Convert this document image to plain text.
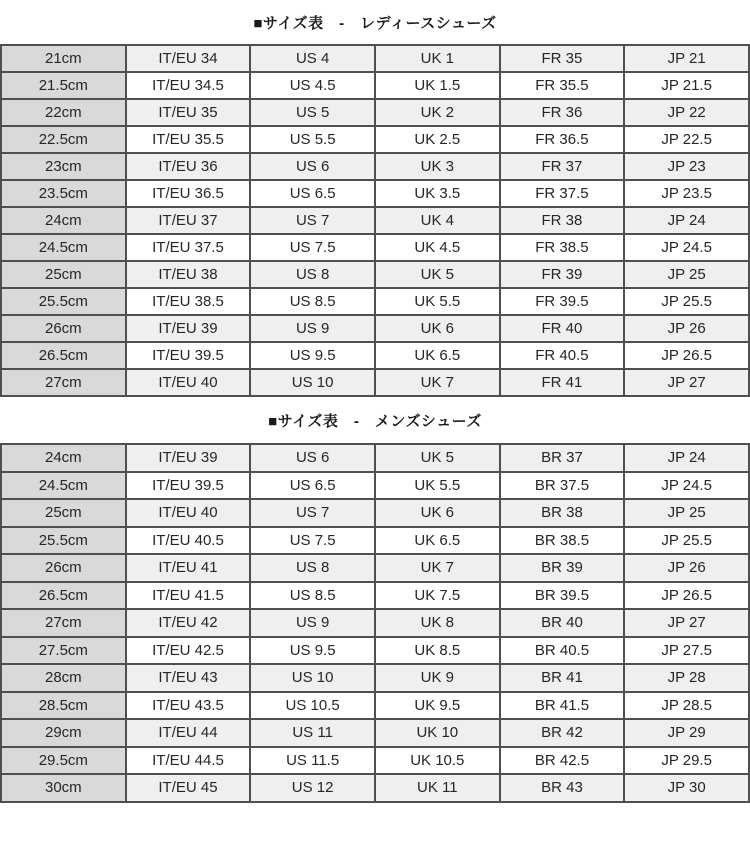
■サイズ表　-　レディースシューズ
21cm	IT/EU 34	US 4	UK 1	FR 35	JP 21
21.5cm	IT/EU 34.5	US 4.5	UK 1.5	FR 35.5	JP 21.5
22cm	IT/EU 35	US 5	UK 2	FR 36	JP 22
22.5cm	IT/EU 35.5	US 5.5	UK 2.5	FR 36.5	JP 22.5
23cm	IT/EU 36	US 6	UK 3	FR 37	JP 23
23.5cm	IT/EU 36.5	US 6.5	UK 3.5	FR 37.5	JP 23.5
24cm	IT/EU 37	US 7	UK 4	FR 38	JP 24
24.5cm	IT/EU 37.5	US 7.5	UK 4.5	FR 38.5	JP 24.5
25cm	IT/EU 38	US 8	UK 5	FR 39	JP 25
25.5cm	IT/EU 38.5	US 8.5	UK 5.5	FR 39.5	JP 25.5
26cm	IT/EU 39	US 9	UK 6	FR 40	JP 26
26.5cm	IT/EU 39.5	US 9.5	UK 6.5	FR 40.5	JP 26.5
27cm	IT/EU 40	US 10	UK 7	FR 41	JP 27
■サイズ表　-　メンズシューズ
24cm	IT/EU 39	US 6	UK 5	BR 37	JP 24
24.5cm	IT/EU 39.5	US 6.5	UK 5.5	BR 37.5	JP 24.5
25cm	IT/EU 40	US 7	UK 6	BR 38	JP 25
25.5cm	IT/EU 40.5	US 7.5	UK 6.5	BR 38.5	JP 25.5
26cm	IT/EU 41	US 8	UK 7	BR 39	JP 26
26.5cm	IT/EU 41.5	US 8.5	UK 7.5	BR 39.5	JP 26.5
27cm	IT/EU 42	US 9	UK 8	BR 40	JP 27
27.5cm	IT/EU 42.5	US 9.5	UK 8.5	BR 40.5	JP 27.5
28cm	IT/EU 43	US 10	UK 9	BR 41	JP 28
28.5cm	IT/EU 43.5	US 10.5	UK 9.5	BR 41.5	JP 28.5
29cm	IT/EU 44	US 11	UK 10	BR 42	JP 29
29.5cm	IT/EU 44.5	US 11.5	UK 10.5	BR 42.5	JP 29.5
30cm	IT/EU 45	US 12	UK 11	BR 43	JP 30
